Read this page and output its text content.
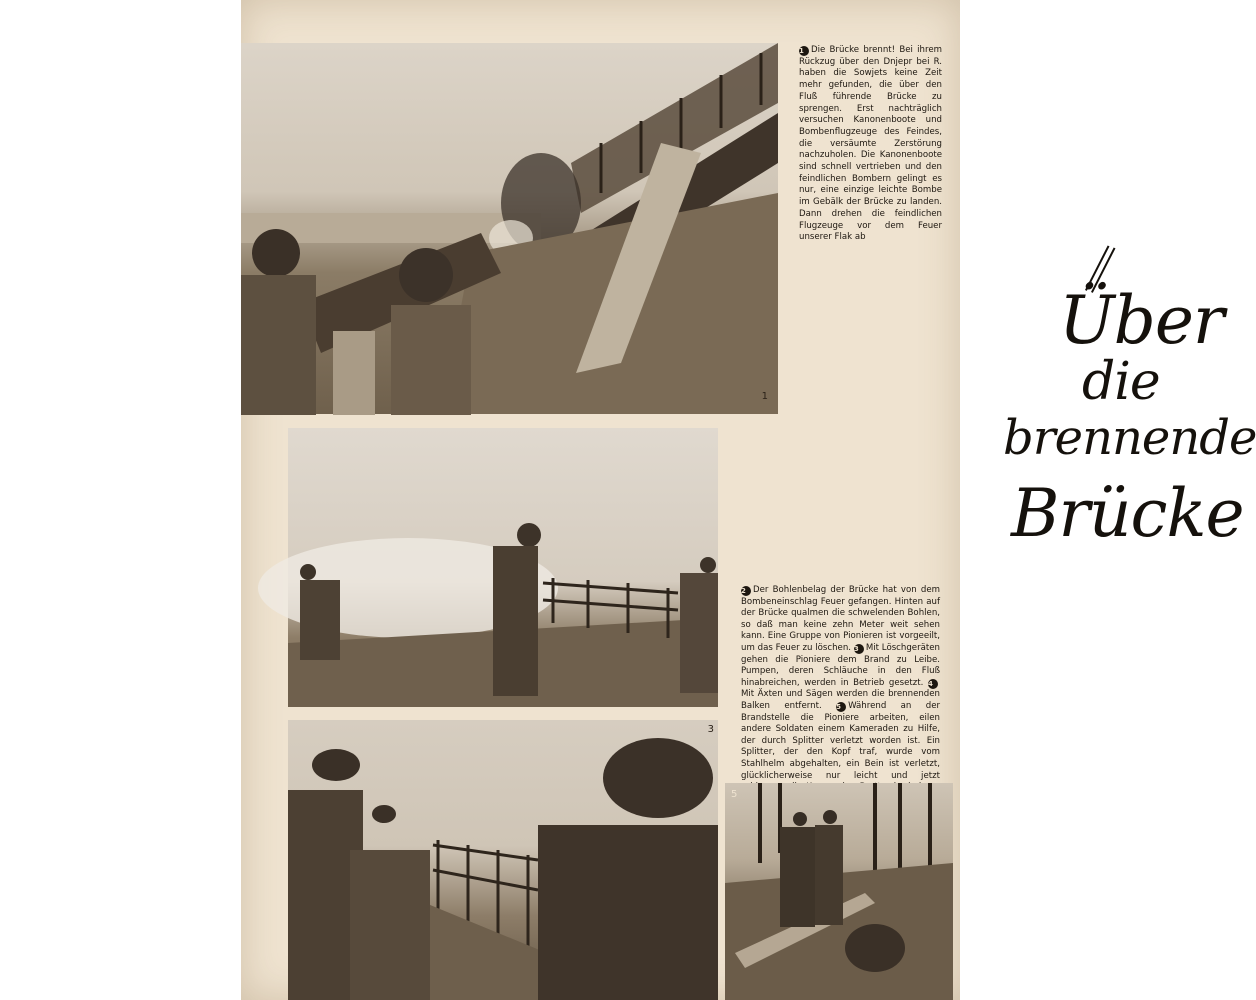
1
1 Die Brücke brennt! Bei ihrem Rückzug über den Dnjepr bei R. haben die Sowjets keine Zeit mehr gefunden, die über den Fluß führende Brücke zu sprengen. Erst nachträglich versuchen Kanonenboote und Bombenflugzeuge des Feindes, die versäumte Zerstörung nachzuholen. Die Kanonenboote sind schnell vertrieben und den feindlichen Bombern gelingt es nur, eine einzige leichte Bombe im Gebälk der Brücke zu landen. Dann drehen die feindlichen Flugzeuge vor dem Feuer unserer Flak ab
Über
die
brennende
Brücke
2 Der Bohlenbelag der Brücke hat von dem Bombeneinschlag Feuer gefangen. Hinten auf der Brücke qualmen die schwelenden Bohlen, so daß man keine zehn Meter weit sehen kann. Eine Gruppe von Pionieren ist vorgeeilt, um das Feuer zu löschen. 3 Mit Löschgeräten gehen die Pioniere dem Brand zu Leibe. Pumpen, deren Schläuche in den Fluß hinabreichen, werden in Betrieb gesetzt. 4Mit Äxten und Sägen werden die brennenden Balken entfernt. 5 Während an der Brandstelle die Pioniere arbeiten, eilen andere Soldaten einem Kameraden zu Hilfe, der durch Splitter verletzt worden ist. Ein Splitter, der den Kopf traf, wurde vom Stahlhelm abgehalten, ein Bein ist verletzt, glücklicherweise nur leicht und jetzt
3
5
